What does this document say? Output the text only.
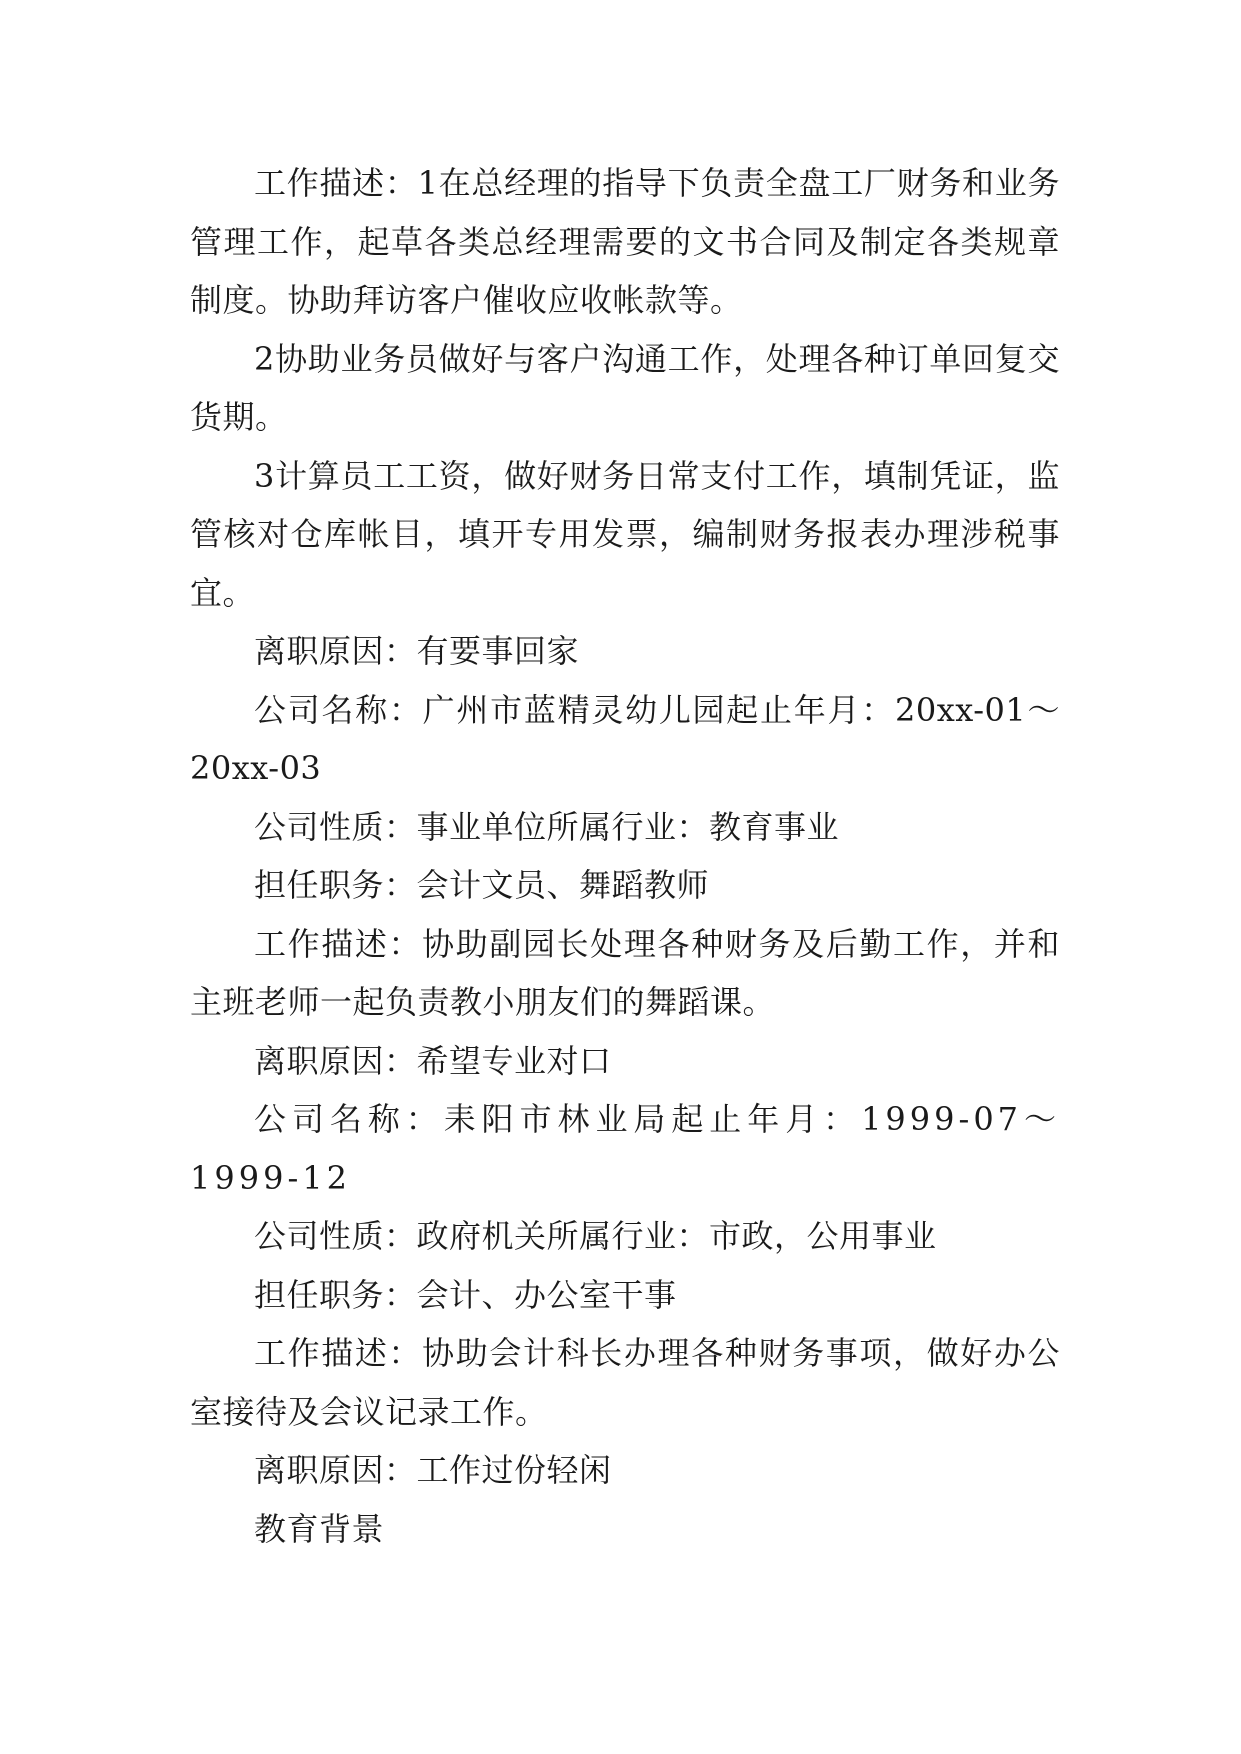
工作描述：1在总经理的指导下负责全盘工厂财务和业务管理工作，起草各类总经理需要的文书合同及制定各类规章制度。协助拜访客户催收应收帐款等。

2协助业务员做好与客户沟通工作，处理各种订单回复交货期。

3计算员工工资，做好财务日常支付工作，填制凭证，监管核对仓库帐目，填开专用发票，编制财务报表办理涉税事宜。

离职原因：有要事回家

公司名称：广州市蓝精灵幼儿园起止年月：20xx-01～20xx-03

公司性质：事业单位所属行业：教育事业

担任职务：会计文员、舞蹈教师

工作描述：协助副园长处理各种财务及后勤工作，并和主班老师一起负责教小朋友们的舞蹈课。

离职原因：希望专业对口

公司名称：耒阳市林业局起止年月：1999-07～1999-12

公司性质：政府机关所属行业：市政，公用事业

担任职务：会计、办公室干事

工作描述：协助会计科长办理各种财务事项，做好办公室接待及会议记录工作。

离职原因：工作过份轻闲

教育背景
